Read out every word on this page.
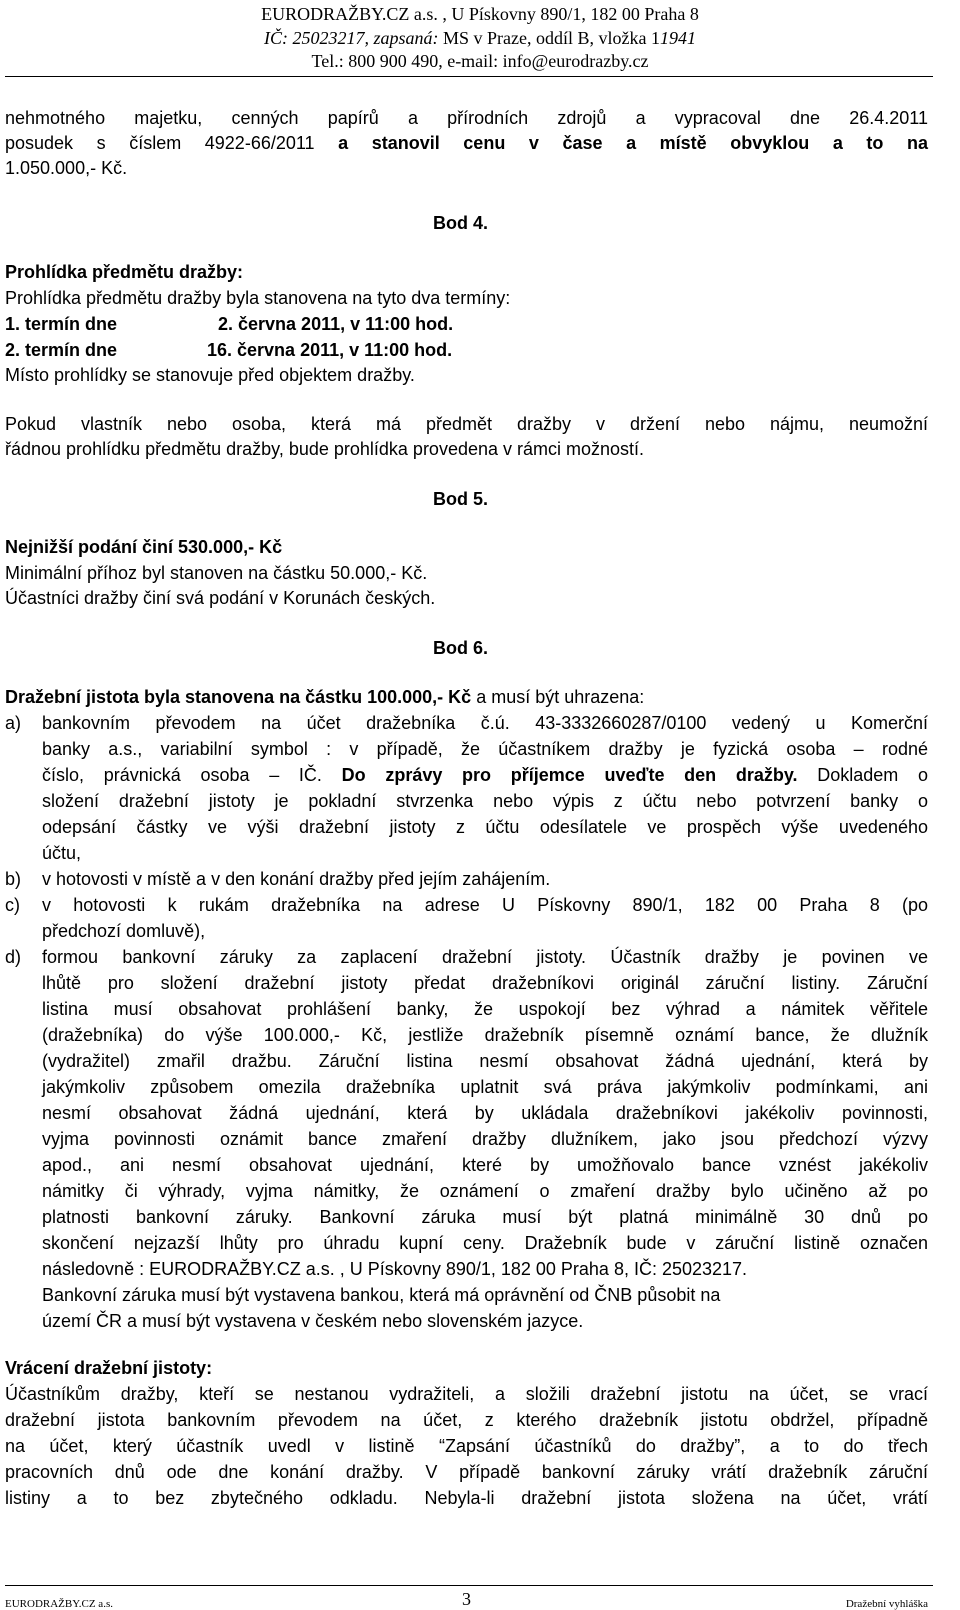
EURODRAŽBY.CZ a.s. , U Pískovny 890/1, 182 00 Praha 8
IČ: 25023217, zapsaná: MS v Praze, oddíl B, vložka 11941
Tel.: 800 900 490, e-mail: info@eurodrazby.cz
nehmotného majetku, cenných papírů a přírodních zdrojů a vypracoval dne 26.4.2011
posudek s číslem 4922-66/2011 a stanovil cenu v čase a místě obvyklou a to na
1.050.000,- Kč.
Bod 4.
Prohlídka předmětu dražby:
Prohlídka předmětu dražby byla stanovena na tyto dva termíny:
1. termín dne	2. června 2011, v 11:00 hod.
2. termín dne	16. června 2011, v 11:00 hod.
Místo prohlídky se stanovuje před objektem dražby.
Pokud vlastník nebo osoba, která má předmět dražby v držení nebo nájmu, neumožní
řádnou prohlídku předmětu dražby, bude prohlídka provedena v rámci možností.
Bod 5.
Nejnižší podání činí 530.000,- Kč
Minimální příhoz byl stanoven na částku 50.000,- Kč.
Účastníci dražby činí svá podání v Korunách českých.
Bod 6.
Dražební jistota byla stanovena na částku 100.000,- Kč a musí být uhrazena:
a) bankovním převodem na účet dražebníka č.ú. 43-3332660287/0100 vedený u Komerční
banky a.s., variabilní symbol : v případě, že účastníkem dražby je fyzická osoba – rodné
číslo, právnická osoba – IČ. Do zprávy pro příjemce uveďte den dražby. Dokladem o
složení dražební jistoty je pokladní stvrzenka nebo výpis z účtu nebo potvrzení banky o
odepsání částky ve výši dražební jistoty z účtu odesílatele ve prospěch výše uvedeného
účtu,
b) v hotovosti v místě a v den konání dražby před jejím zahájením.
c) v hotovosti k rukám dražebníka na adrese U Pískovny 890/1, 182 00 Praha 8 (po
předchozí domluvě),
d) formou bankovní záruky za zaplacení dražební jistoty. Účastník dražby je povinen ve
lhůtě pro složení dražební jistoty předat dražebníkovi originál záruční listiny. Záruční
listina musí obsahovat prohlášení banky, že uspokojí bez výhrad a námitek věřitele
(dražebníka) do výše 100.000,- Kč, jestliže dražebník písemně oznámí bance, že dlužník
(vydražitel) zmařil dražbu. Záruční listina nesmí obsahovat žádná ujednání, která by
jakýmkoliv způsobem omezila dražebníka uplatnit svá práva jakýmkoliv podmínkami, ani
nesmí obsahovat žádná ujednání, která by ukládala dražebníkovi jakékoliv povinnosti,
vyjma povinnosti oznámit bance zmaření dražby dlužníkem, jako jsou předchozí výzvy
apod., ani nesmí obsahovat ujednání, které by umožňovalo bance vznést jakékoliv
námitky či výhrady, vyjma námitky, že oznámení o zmaření dražby bylo učiněno až po
platnosti bankovní záruky. Bankovní záruka musí být platná minimálně 30 dnů po
skončení nejzazší lhůty pro úhradu kupní ceny. Dražebník bude v záruční listině označen
následovně : EURODRAŽBY.CZ a.s. , U Pískovny 890/1, 182 00 Praha 8, IČ: 25023217.
Bankovní záruka musí být vystavena bankou, která má oprávnění od ČNB působit na
území ČR a musí být vystavena v českém nebo slovenském jazyce.
Vrácení dražební jistoty:
Účastníkům dražby, kteří se nestanou vydražiteli, a složili dražební jistotu na účet, se vrací
dražební jistota bankovním převodem na účet, z kterého dražebník jistotu obdržel, případně
na účet, který účastník uvedl v listině “Zapsání účastníků do dražby”, a to do třech
pracovních dnů ode dne konání dražby. V případě bankovní záruky vrátí dražebník záruční
listiny a to bez zbytečného odkladu. Nebyla-li dražební jistota složena na účet, vrátí
EURODRAŽBY.CZ a.s.	3	Dražební vyhláška
